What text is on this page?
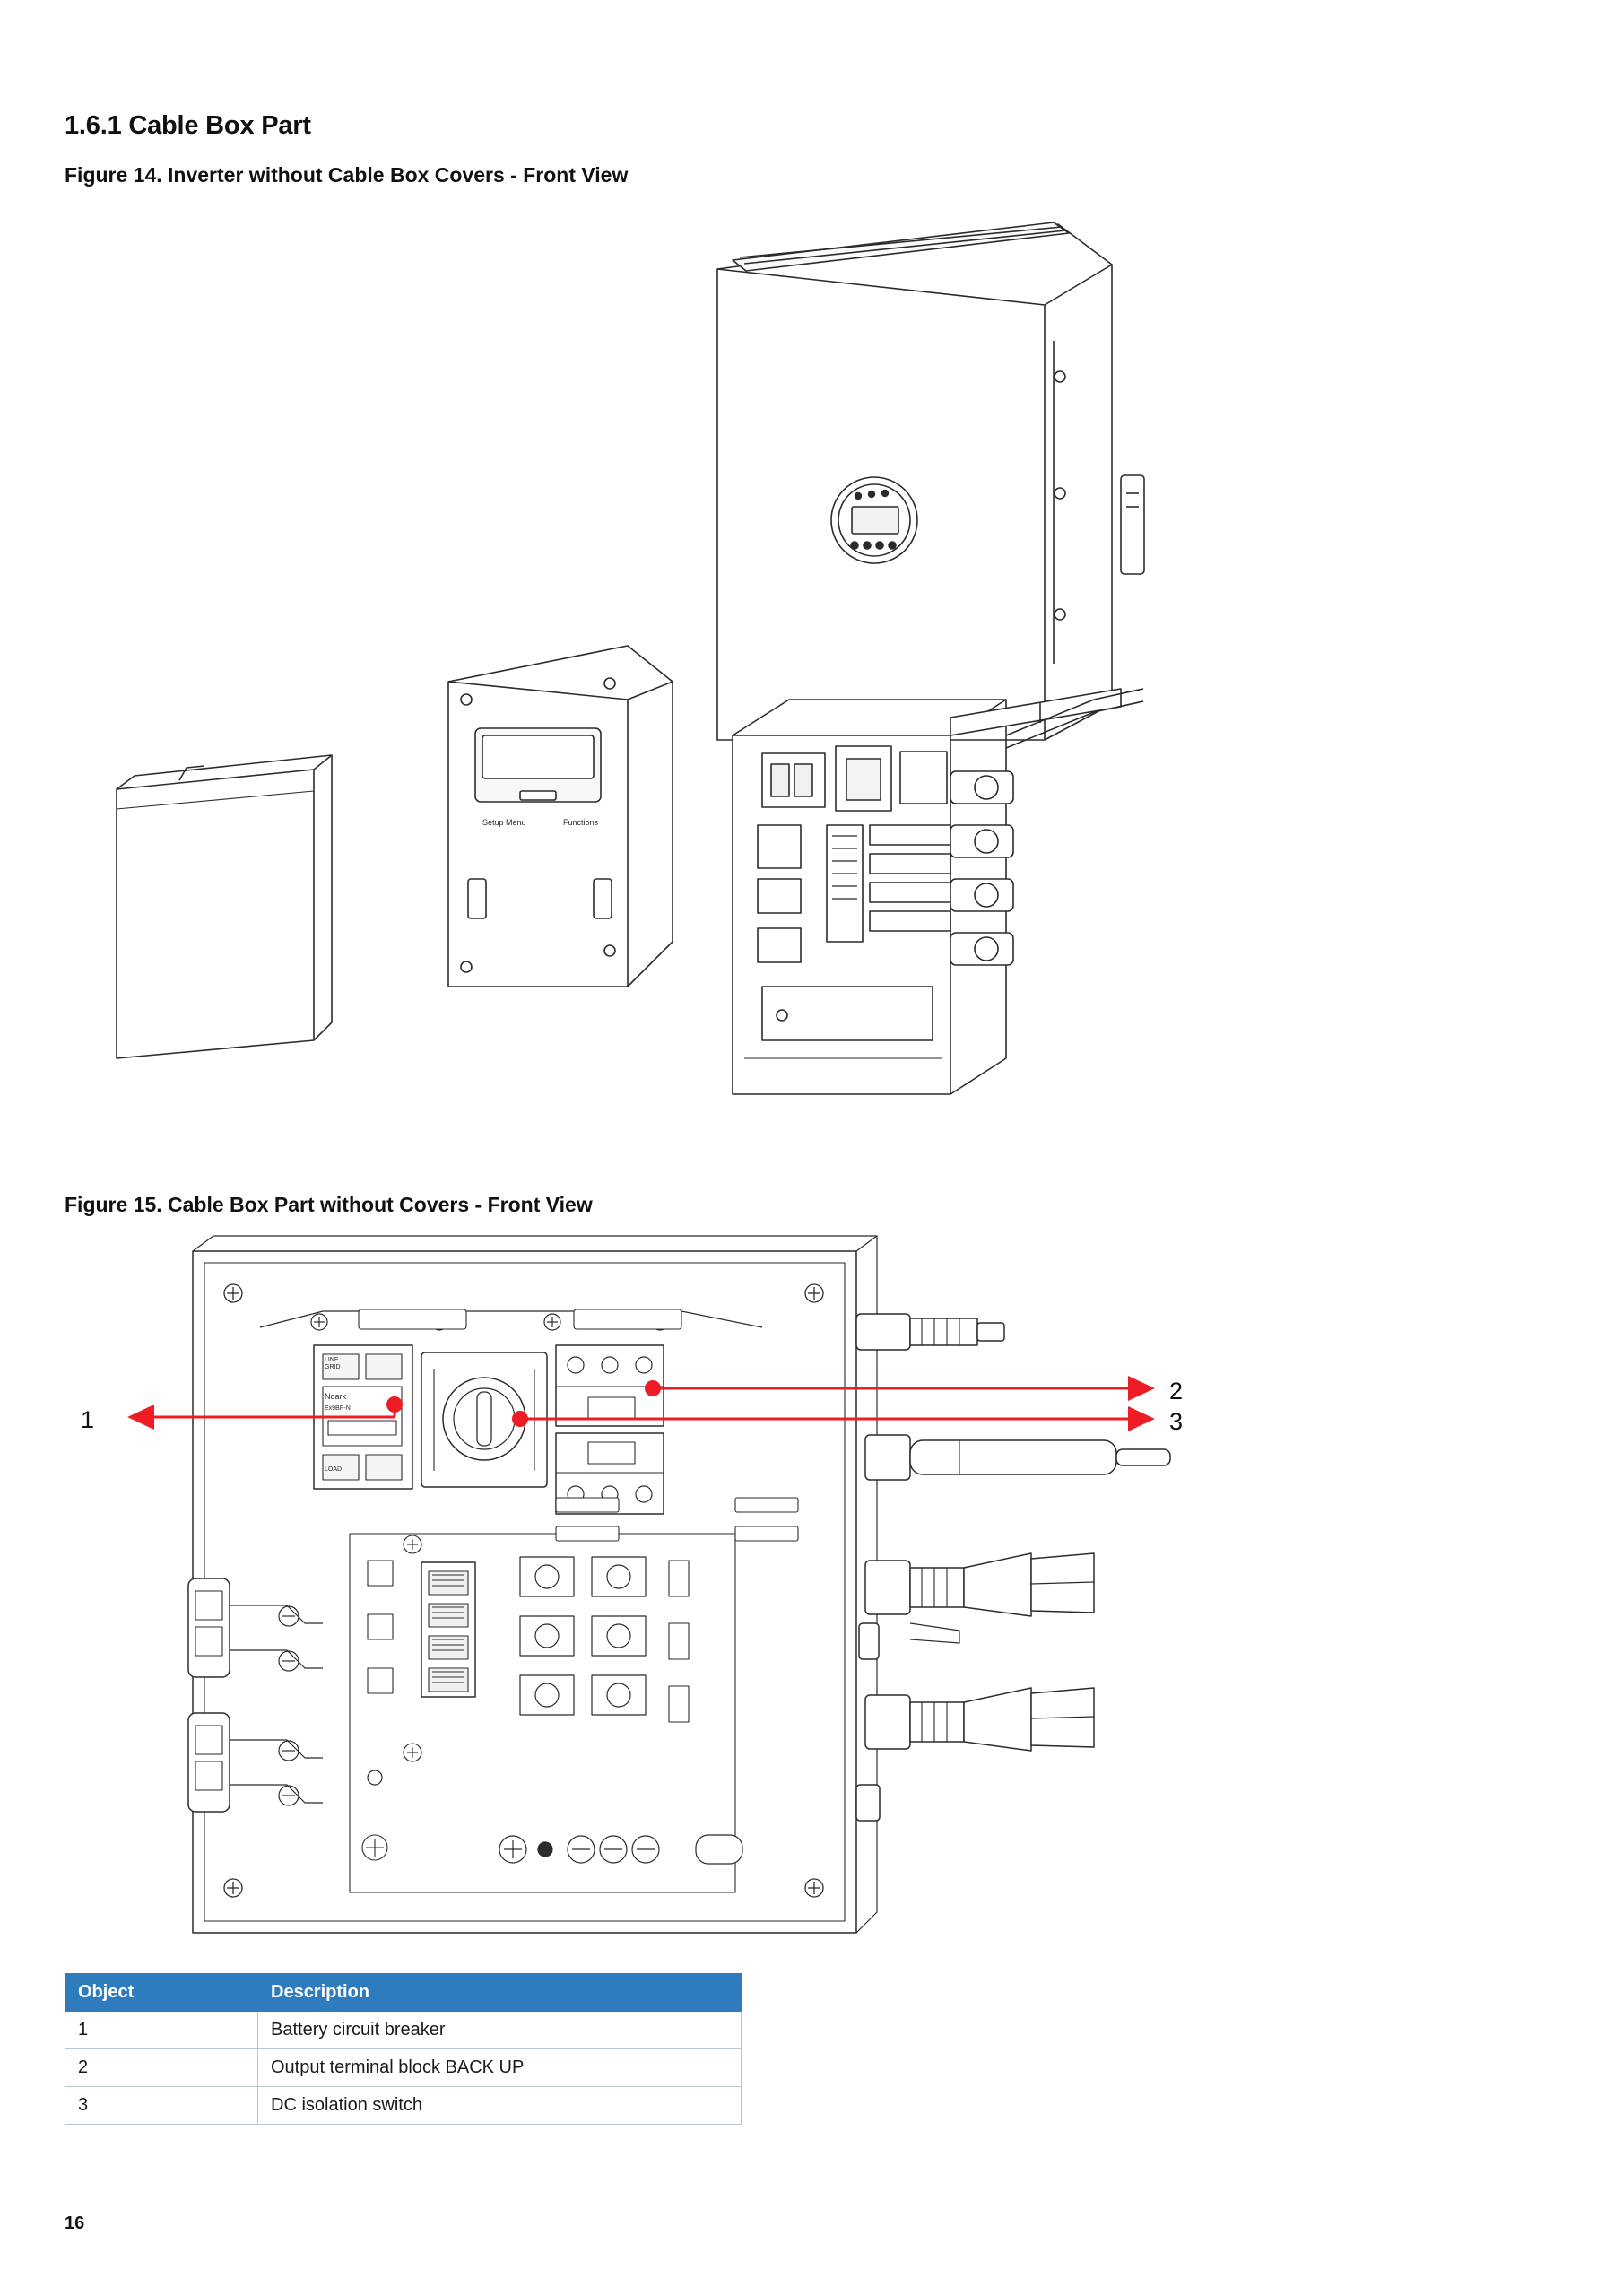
1.6.1 Cable Box Part
Figure 14. Inverter without Cable Box Covers - Front View
Setup Menu	Functions
Figure 15. Cable Box Part without Covers - Front View
Noark
Ex9BP-N
LINE
GRID
LOAD
1
2
3
Object	Description
1	Battery circuit breaker
2	Output terminal block BACK UP
3	DC isolation switch
16
